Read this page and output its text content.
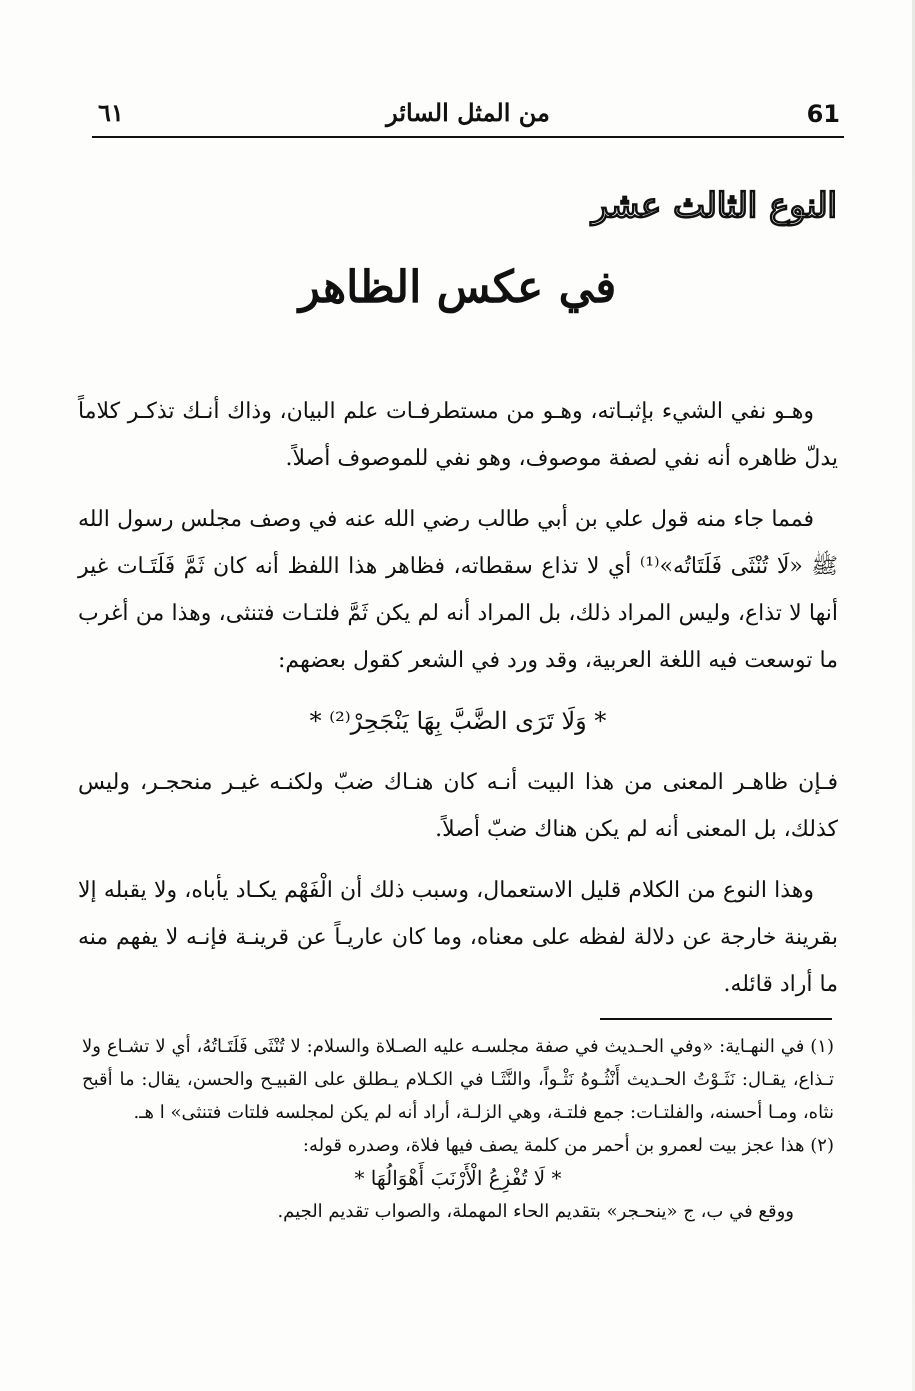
61
من المثل السائر
٦١
النوع الثالث عشر
في عكس الظاهر

وهـو نفي الشيء بإثبـاته، وهـو من مستطرفـات علم البيان، وذاك أنـك تذكـر كلاماً يدلّ ظاهره أنه نفي لصفة موصوف، وهو نفي للموصوف أصلاً.

فمما جاء منه قول علي بن أبي طالب رضي الله عنه في وصف مجلس رسول الله ﷺ «لَا تُنْثَى فَلَتَاتُه»⁽¹⁾ أي لا تذاع سقطاته، فظاهر هذا اللفظ أنه كان ثَمَّ فَلَتَـات غير أنها لا تذاع، وليس المراد ذلك، بل المراد أنه لم يكن ثَمَّ فلتـات فتنثى، وهذا من أغرب ما توسعت فيه اللغة العربية، وقد ورد في الشعر كقول بعضهم:

* وَلَا تَرَى الضَّبَّ بِهَا يَنْجَحِرْ⁽²⁾ *

فـإن ظاهـر المعنى من هذا البيت أنـه كان هنـاك ضبّ ولكنـه غيـر منحجـر، وليس كذلك، بل المعنى أنه لم يكن هناك ضبّ أصلاً.

وهذا النوع من الكلام قليل الاستعمال، وسبب ذلك أن الْفَهْم يكـاد يأباه، ولا يقبله إلا بقرينة خارجة عن دلالة لفظه على معناه، وما كان عاريـاً عن قرينـة فإنـه لا يفهم منه ما أراد قائله.

(١) في النهـاية: «وفي الحـديث في صفة مجلسـه عليه الصـلاة والسلام: لا تُنْثَى فَلَتَـاتُهُ، أي لا تشـاع ولا تـذاع، يقـال: نَثَـوْتُ الحـديث أَنْثُـوهُ نَثْـواً، والنَّثَـا في الكـلام يـطلق على القبيـح والحسن، يقال: ما أقبح نثاه، ومـا أحسنه، والفلتـات: جمع فلتـة، وهي الزلـة، أراد أنه لم يكن لمجلسه فلتات فتنثى» ا هـ.

(٢) هذا عجز بيت لعمرو بن أحمر من كلمة يصف فيها فلاة، وصدره قوله:

* لَا تُفْزِعُ الْأَرْنَبَ أَهْوَالُهَا *

ووقع في ب، ج «ينحـجر» بتقديم الحاء المهملة، والصواب تقديم الجيم.
